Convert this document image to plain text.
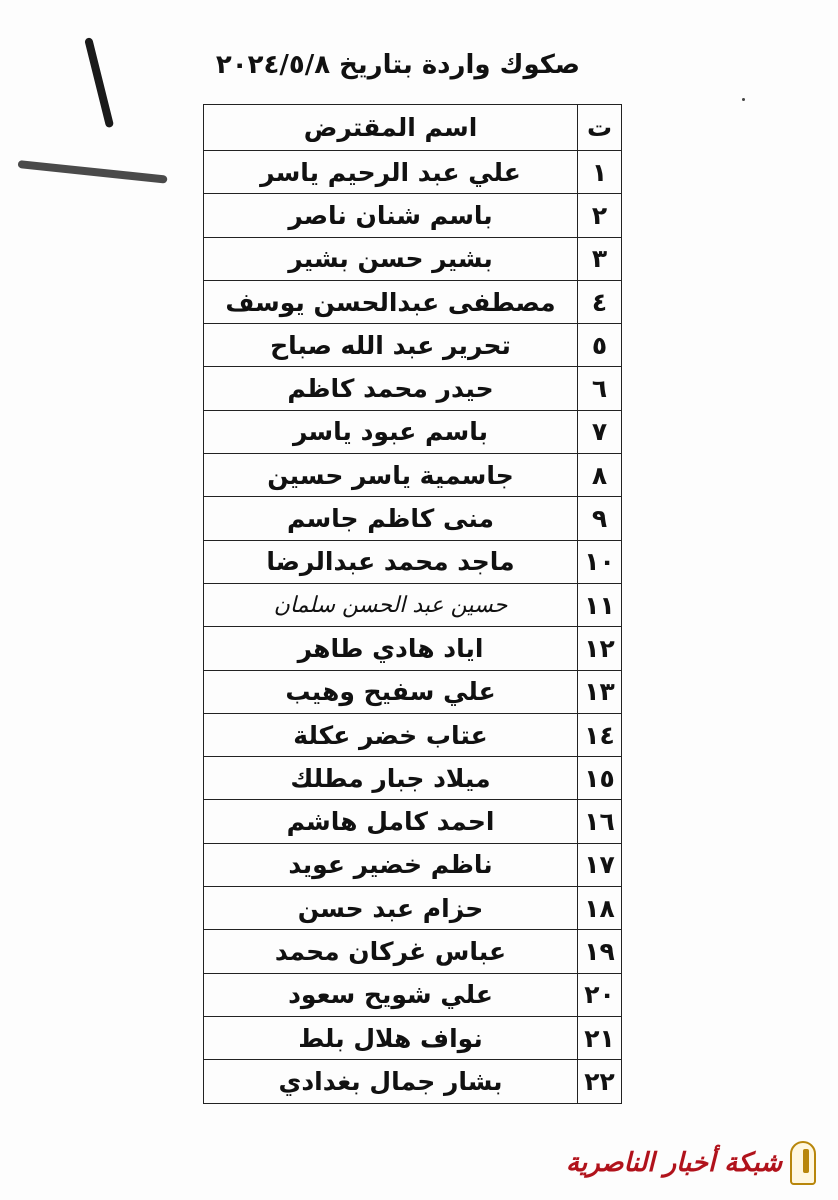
صكوك واردة بتاريخ ٢٠٢٤/٥/٨
ت	اسم المقترض
١	علي عبد الرحيم ياسر
٢	باسم شنان ناصر
٣	بشير حسن بشير
٤	مصطفى عبدالحسن يوسف
٥	تحرير عبد الله صباح
٦	حيدر محمد كاظم
٧	باسم عبود ياسر
٨	جاسمية ياسر حسين
٩	منى كاظم جاسم
١٠	ماجد محمد عبدالرضا
١١	حسين عبد الحسن سلمان
١٢	اياد هادي طاهر
١٣	علي سفيح وهيب
١٤	عتاب خضر عكلة
١٥	ميلاد جبار مطلك
١٦	احمد كامل هاشم
١٧	ناظم خضير عويد
١٨	حزام عبد حسن
١٩	عباس غركان محمد
٢٠	علي شويح سعود
٢١	نواف هلال بلط
٢٢	بشار جمال بغدادي
شبكة أخبار الناصرية
